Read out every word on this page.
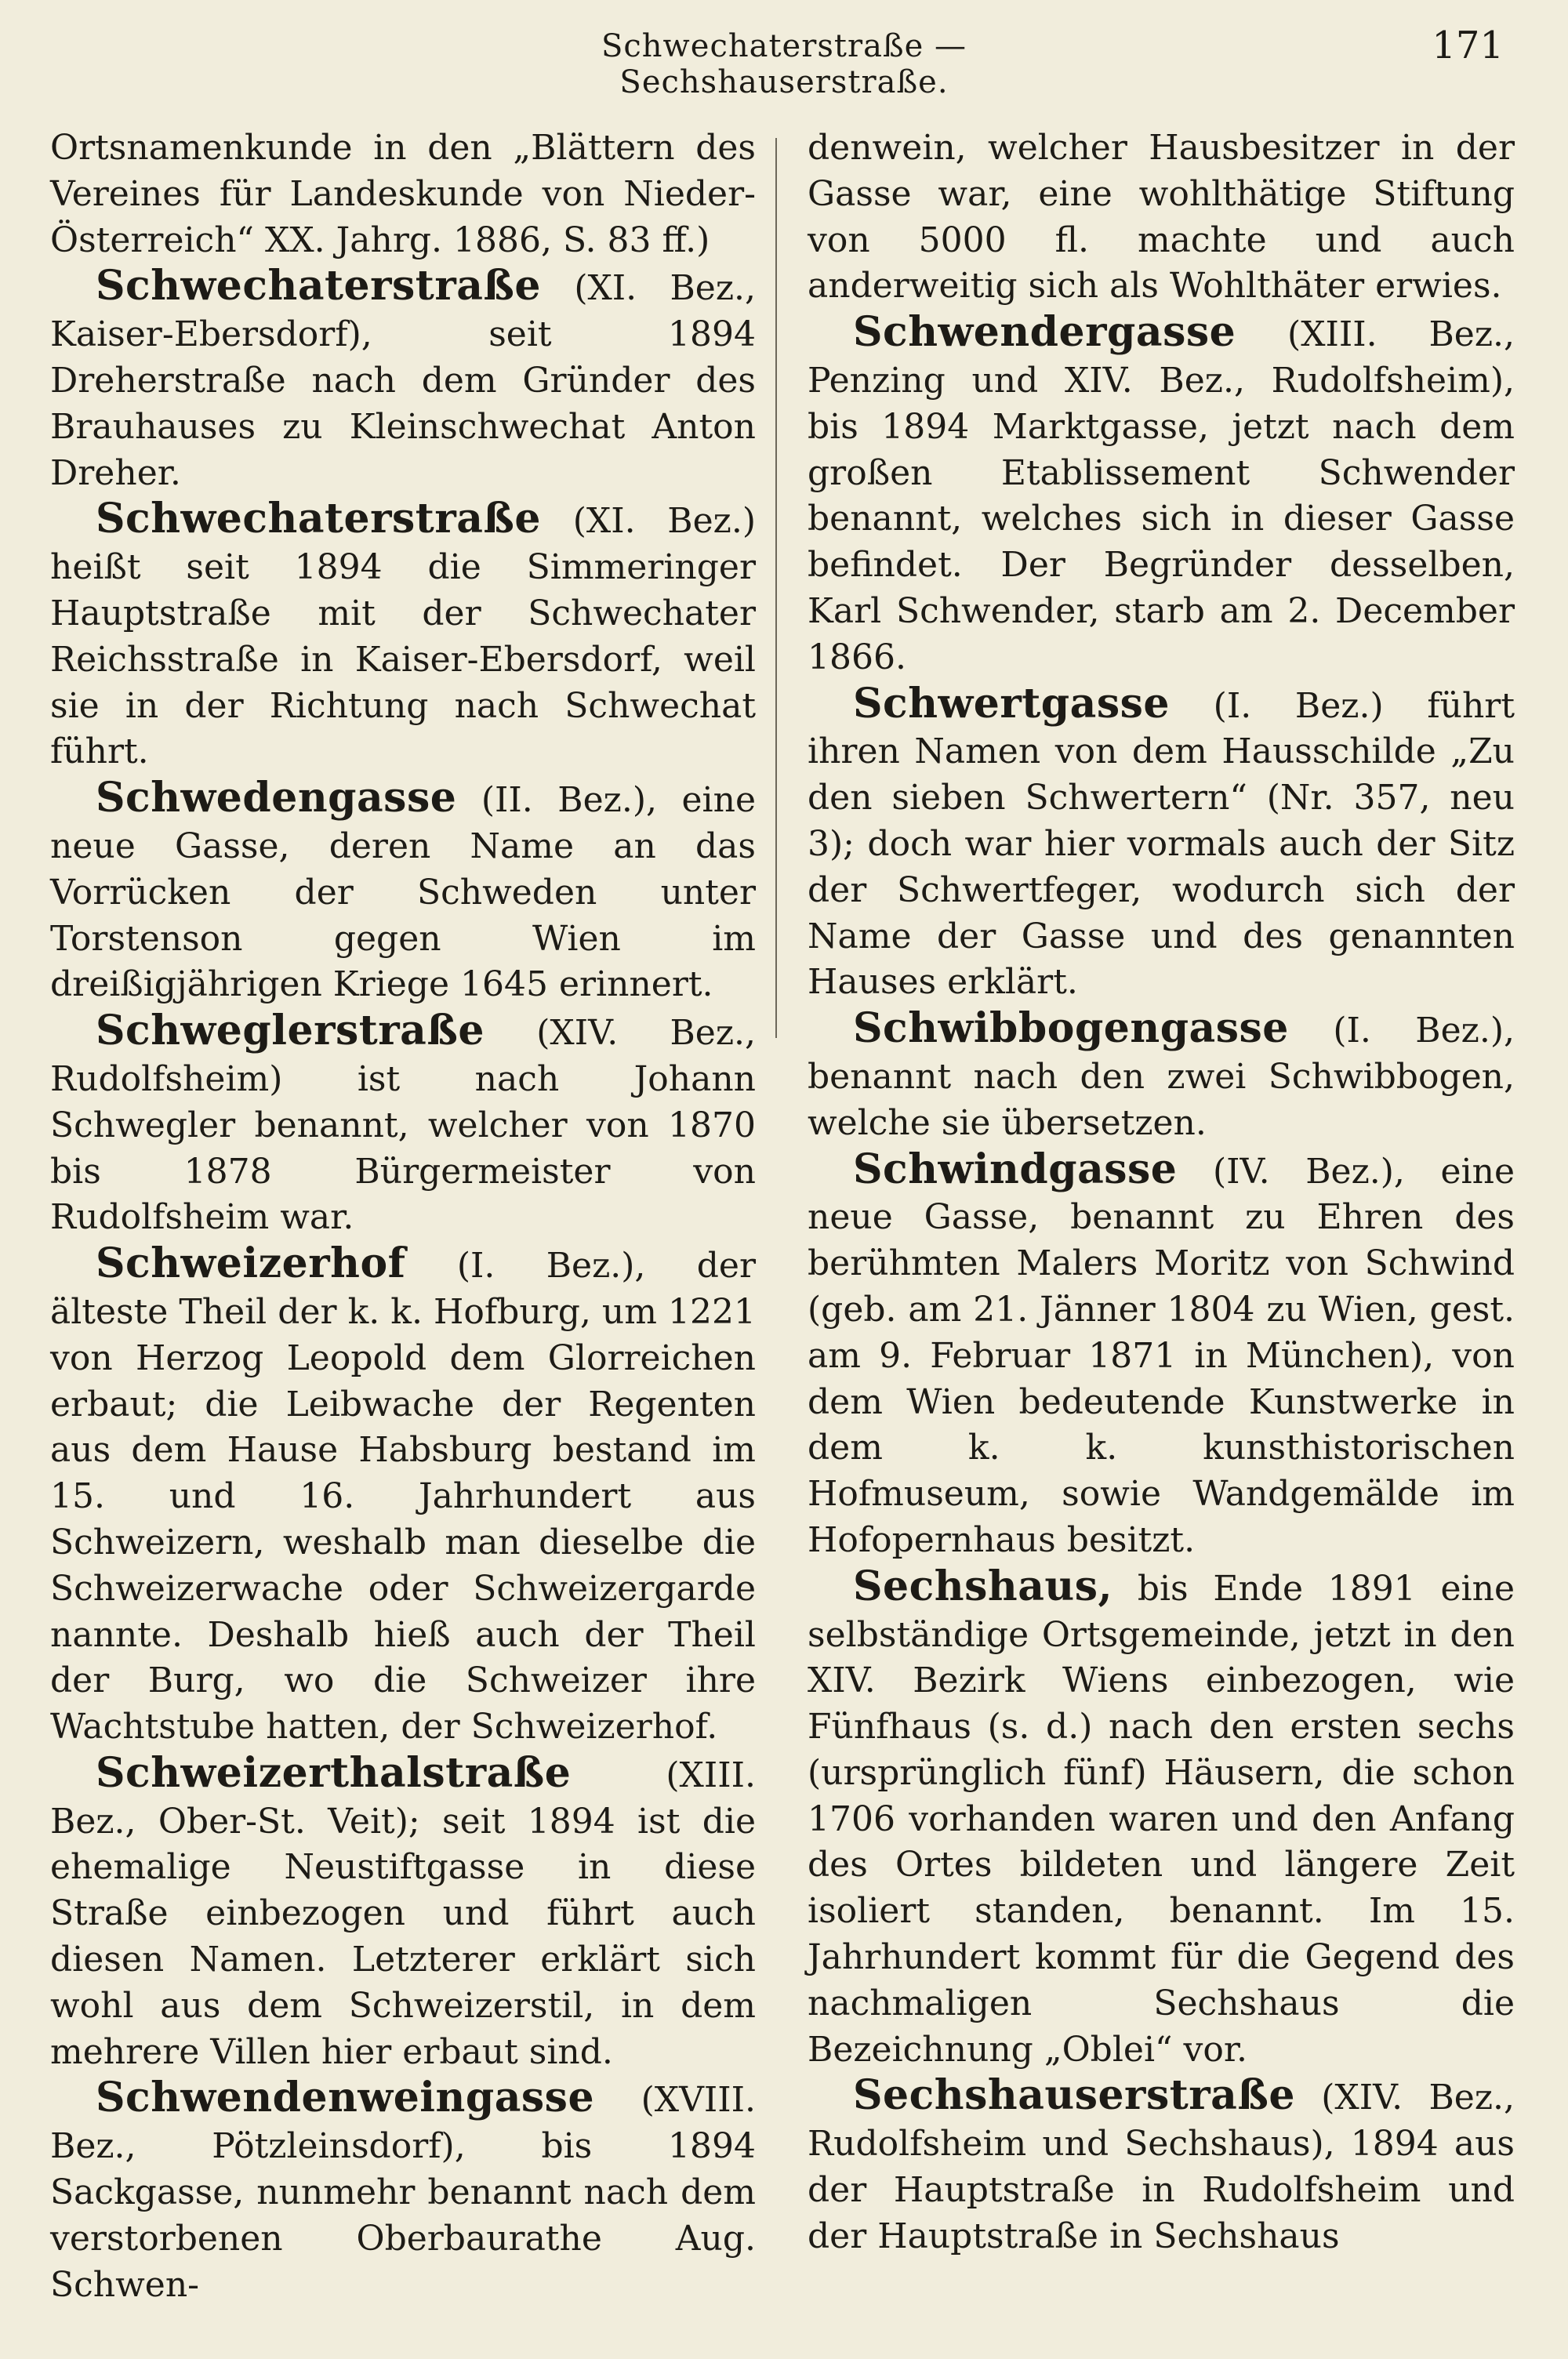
Schwechaterstraße — Sechshauserstraße.
171

Ortsnamenkunde in den „Blättern des Vereines für Landeskunde von Nieder-Österreich“ XX. Jahrg. 1886, S. 83 ff.)

Schwechaterstraße (XI. Bez., Kaiser-Ebersdorf), seit 1894 Dreherstraße nach dem Gründer des Brauhauses zu Kleinschwechat Anton Dreher.

Schwechaterstraße (XI. Bez.) heißt seit 1894 die Simmeringer Hauptstraße mit der Schwechater Reichsstraße in Kaiser-Ebersdorf, weil sie in der Richtung nach Schwechat führt.

Schwedengasse (II. Bez.), eine neue Gasse, deren Name an das Vorrücken der Schweden unter Torstenson gegen Wien im dreißigjährigen Kriege 1645 erinnert.

Schweglerstraße (XIV. Bez., Rudolfsheim) ist nach Johann Schwegler benannt, welcher von 1870 bis 1878 Bürgermeister von Rudolfsheim war.

Schweizerhof (I. Bez.), der älteste Theil der k. k. Hofburg, um 1221 von Herzog Leopold dem Glorreichen erbaut; die Leibwache der Regenten aus dem Hause Habsburg bestand im 15. und 16. Jahrhundert aus Schweizern, weshalb man dieselbe die Schweizerwache oder Schweizergarde nannte. Deshalb hieß auch der Theil der Burg, wo die Schweizer ihre Wachtstube hatten, der Schweizerhof.

Schweizerthalstraße (XIII. Bez., Ober-St. Veit); seit 1894 ist die ehemalige Neustiftgasse in diese Straße einbezogen und führt auch diesen Namen. Letzterer erklärt sich wohl aus dem Schweizerstil, in dem mehrere Villen hier erbaut sind.

Schwendenweingasse (XVIII. Bez., Pötzleinsdorf), bis 1894 Sackgasse, nunmehr benannt nach dem verstorbenen Oberbaurathe Aug. Schwen-

denwein, welcher Hausbesitzer in der Gasse war, eine wohlthätige Stiftung von 5000 fl. machte und auch anderweitig sich als Wohlthäter erwies.

Schwendergasse (XIII. Bez., Penzing und XIV. Bez., Rudolfsheim), bis 1894 Marktgasse, jetzt nach dem großen Etablissement Schwender benannt, welches sich in dieser Gasse befindet. Der Begründer desselben, Karl Schwender, starb am 2. December 1866.

Schwertgasse (I. Bez.) führt ihren Namen von dem Hausschilde „Zu den sieben Schwertern“ (Nr. 357, neu 3); doch war hier vormals auch der Sitz der Schwertfeger, wodurch sich der Name der Gasse und des genannten Hauses erklärt.

Schwibbogengasse (I. Bez.), benannt nach den zwei Schwibbogen, welche sie übersetzen.

Schwindgasse (IV. Bez.), eine neue Gasse, benannt zu Ehren des berühmten Malers Moritz von Schwind (geb. am 21. Jänner 1804 zu Wien, gest. am 9. Februar 1871 in München), von dem Wien bedeutende Kunstwerke in dem k. k. kunsthistorischen Hofmuseum, sowie Wandgemälde im Hofopernhaus besitzt.

Sechshaus, bis Ende 1891 eine selbständige Ortsgemeinde, jetzt in den XIV. Bezirk Wiens einbezogen, wie Fünfhaus (s. d.) nach den ersten sechs (ursprünglich fünf) Häusern, die schon 1706 vorhanden waren und den Anfang des Ortes bildeten und längere Zeit isoliert standen, benannt. Im 15. Jahrhundert kommt für die Gegend des nachmaligen Sechshaus die Bezeichnung „Oblei“ vor.

Sechshauserstraße (XIV. Bez., Rudolfsheim und Sechshaus), 1894 aus der Hauptstraße in Rudolfsheim und der Hauptstraße in Sechshaus
